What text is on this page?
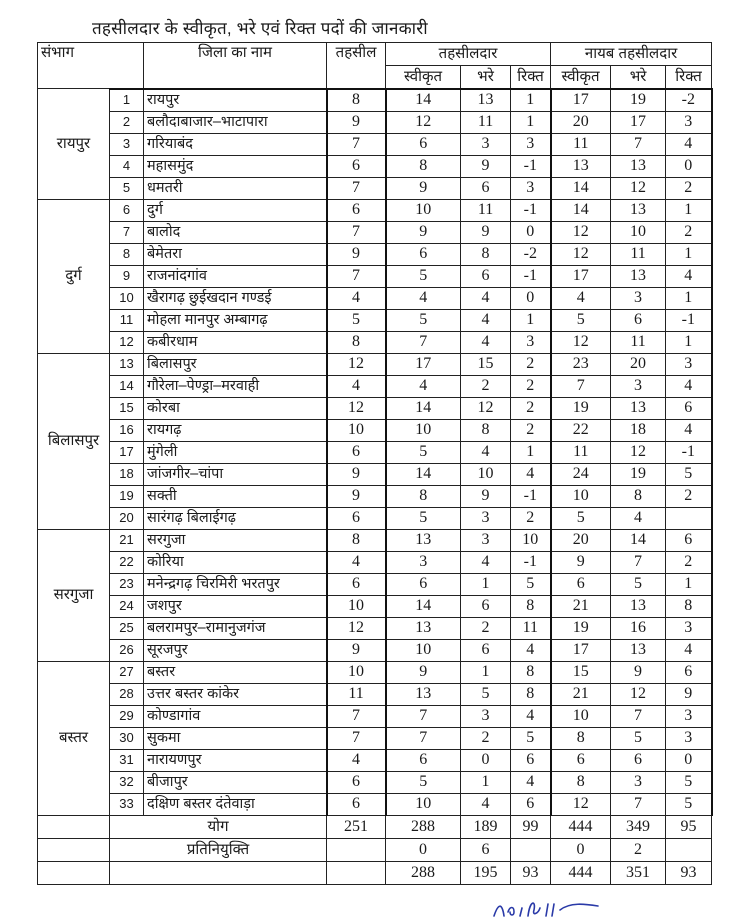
तहसीलदार के स्वीकृत, भरे एवं रिक्त पदों की जानकारी
संभाग		जिला का नाम	तहसील	तहसीलदार			नायब तहसीलदार		
				स्वीकृत	भरे	रिक्त	स्वीकृत	भरे	रिक्त
रायपुर	1	रायपुर	8	14	13	1	17	19	-2
	2	बलौदाबाजार–भाटापारा	9	12	11	1	20	17	3
	3	गरियाबंद	7	6	3	3	11	7	4
	4	महासमुंद	6	8	9	-1	13	13	0
	5	धमतरी	7	9	6	3	14	12	2
दुर्ग	6	दुर्ग	6	10	11	-1	14	13	1
	7	बालोद	7	9	9	0	12	10	2
	8	बेमेतरा	9	6	8	-2	12	11	1
	9	राजनांदगांव	7	5	6	-1	17	13	4
	10	खैरागढ़ छुईखदान गण्डई	4	4	4	0	4	3	1
	11	मोहला मानपुर अम्बागढ़	5	5	4	1	5	6	-1
	12	कबीरधाम	8	7	4	3	12	11	1
बिलासपुर	13	बिलासपुर	12	17	15	2	23	20	3
	14	गौरेला–पेण्ड्रा–मरवाही	4	4	2	2	7	3	4
	15	कोरबा	12	14	12	2	19	13	6
	16	रायगढ़	10	10	8	2	22	18	4
	17	मुंगेली	6	5	4	1	11	12	-1
	18	जांजगीर–चांपा	9	14	10	4	24	19	5
	19	सक्ती	9	8	9	-1	10	8	2
	20	सारंगढ़ बिलाईगढ़	6	5	3	2	5	4	
सरगुजा	21	सरगुजा	8	13	3	10	20	14	6
	22	कोरिया	4	3	4	-1	9	7	2
	23	मनेन्द्रगढ़ चिरमिरी भरतपुर	6	6	1	5	6	5	1
	24	जशपुर	10	14	6	8	21	13	8
	25	बलरामपुर–रामानुजगंज	12	13	2	11	19	16	3
	26	सूरजपुर	9	10	6	4	17	13	4
बस्तर	27	बस्तर	10	9	1	8	15	9	6
	28	उत्तर बस्तर कांकेर	11	13	5	8	21	12	9
	29	कोण्डागांव	7	7	3	4	10	7	3
	30	सुकमा	7	7	2	5	8	5	3
	31	नारायणपुर	4	6	0	6	6	6	0
	32	बीजापुर	6	5	1	4	8	3	5
	33	दक्षिण बस्तर दंतेवाड़ा	6	10	4	6	12	7	5
	योग		251	288	189	99	444	349	95
	प्रतिनियुक्ति			0	6		0	2	
				288	195	93	444	351	93
